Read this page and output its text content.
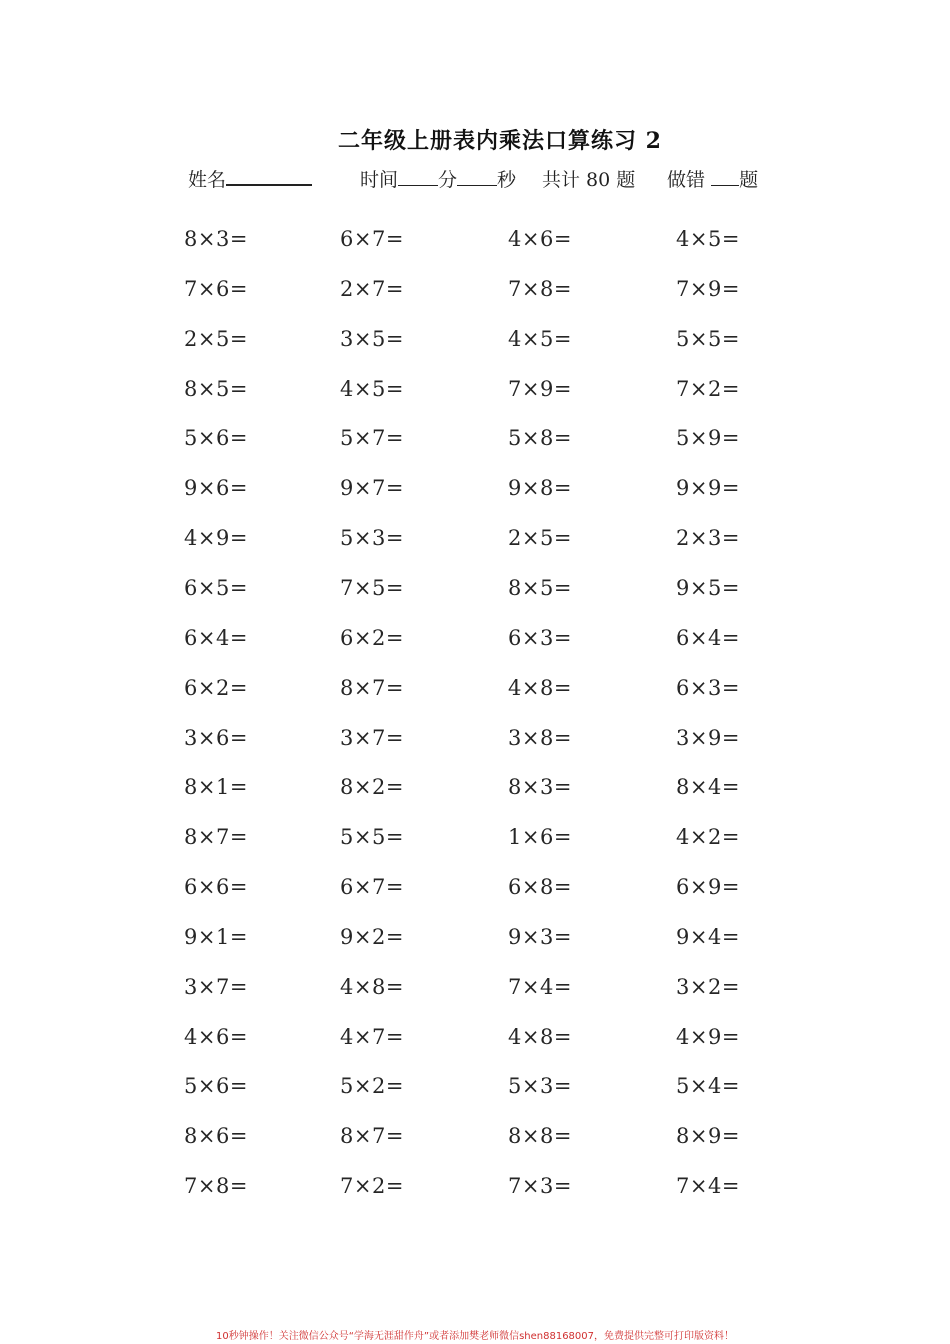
二年级上册表内乘法口算练习 2
姓名	时间 分 秒 共计 80 题 做错 题
8×3=	6×7=	4×6=	4×5=
7×6=	2×7=	7×8=	7×9=
2×5=	3×5=	4×5=	5×5=
8×5=	4×5=	7×9=	7×2=
5×6=	5×7=	5×8=	5×9=
9×6=	9×7=	9×8=	9×9=
4×9=	5×3=	2×5=	2×3=
6×5=	7×5=	8×5=	9×5=
6×4=	6×2=	6×3=	6×4=
6×2=	8×7=	4×8=	6×3=
3×6=	3×7=	3×8=	3×9=
8×1=	8×2=	8×3=	8×4=
8×7=	5×5=	1×6=	4×2=
6×6=	6×7=	6×8=	6×9=
9×1=	9×2=	9×3=	9×4=
3×7=	4×8=	7×4=	3×2=
4×6=	4×7=	4×8=	4×9=
5×6=	5×2=	5×3=	5×4=
8×6=	8×7=	8×8=	8×9=
7×8=	7×2=	7×3=	7×4=
10秒钟操作！关注微信公众号“学海无涯甜作舟”或者添加樊老师微信shen88168007，免费提供完整可打印版资料！
